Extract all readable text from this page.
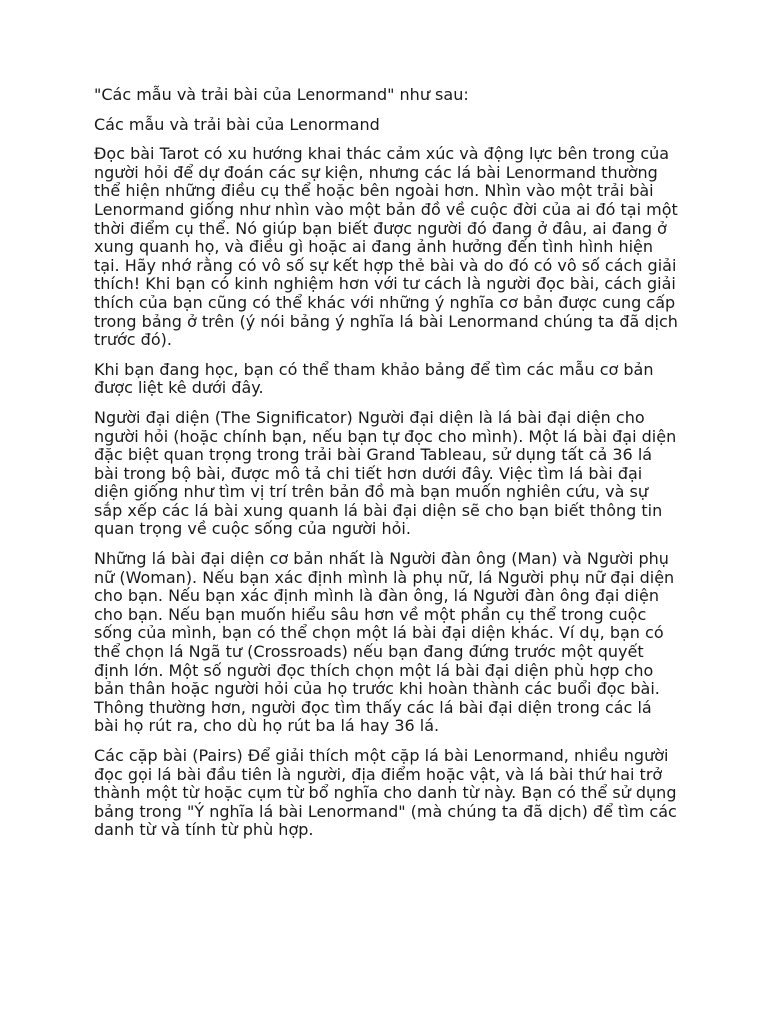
"Các mẫu và trải bài của Lenormand" như sau:

Các mẫu và trải bài của Lenormand

Đọc bài Tarot có xu hướng khai thác cảm xúc và động lực bên trong của người hỏi để dự đoán các sự kiện, nhưng các lá bài Lenormand thường thể hiện những điều cụ thể hoặc bên ngoài hơn. Nhìn vào một trải bài Lenormand giống như nhìn vào một bản đồ về cuộc đời của ai đó tại một thời điểm cụ thể. Nó giúp bạn biết được người đó đang ở đâu, ai đang ở xung quanh họ, và điều gì hoặc ai đang ảnh hưởng đến tình hình hiện tại. Hãy nhớ rằng có vô số sự kết hợp thẻ bài và do đó có vô số cách giải thích! Khi bạn có kinh nghiệm hơn với tư cách là người đọc bài, cách giải thích của bạn cũng có thể khác với những ý nghĩa cơ bản được cung cấp trong bảng ở trên (ý nói bảng ý nghĩa lá bài Lenormand chúng ta đã dịch trước đó).

Khi bạn đang học, bạn có thể tham khảo bảng để tìm các mẫu cơ bản được liệt kê dưới đây.

Người đại diện (The Significator) Người đại diện là lá bài đại diện cho người hỏi (hoặc chính bạn, nếu bạn tự đọc cho mình). Một lá bài đại diện đặc biệt quan trọng trong trải bài Grand Tableau, sử dụng tất cả 36 lá bài trong bộ bài, được mô tả chi tiết hơn dưới đây. Việc tìm lá bài đại diện giống như tìm vị trí trên bản đồ mà bạn muốn nghiên cứu, và sự sắp xếp các lá bài xung quanh lá bài đại diện sẽ cho bạn biết thông tin quan trọng về cuộc sống của người hỏi.

Những lá bài đại diện cơ bản nhất là Người đàn ông (Man) và Người phụ nữ (Woman). Nếu bạn xác định mình là phụ nữ, lá Người phụ nữ đại diện cho bạn. Nếu bạn xác định mình là đàn ông, lá Người đàn ông đại diện cho bạn. Nếu bạn muốn hiểu sâu hơn về một phần cụ thể trong cuộc sống của mình, bạn có thể chọn một lá bài đại diện khác. Ví dụ, bạn có thể chọn lá Ngã tư (Crossroads) nếu bạn đang đứng trước một quyết định lớn. Một số người đọc thích chọn một lá bài đại diện phù hợp cho bản thân hoặc người hỏi của họ trước khi hoàn thành các buổi đọc bài. Thông thường hơn, người đọc tìm thấy các lá bài đại diện trong các lá bài họ rút ra, cho dù họ rút ba lá hay 36 lá.

Các cặp bài (Pairs) Để giải thích một cặp lá bài Lenormand, nhiều người đọc gọi lá bài đầu tiên là người, địa điểm hoặc vật, và lá bài thứ hai trở thành một từ hoặc cụm từ bổ nghĩa cho danh từ này. Bạn có thể sử dụng bảng trong "Ý nghĩa lá bài Lenormand" (mà chúng ta đã dịch) để tìm các danh từ và tính từ phù hợp.
